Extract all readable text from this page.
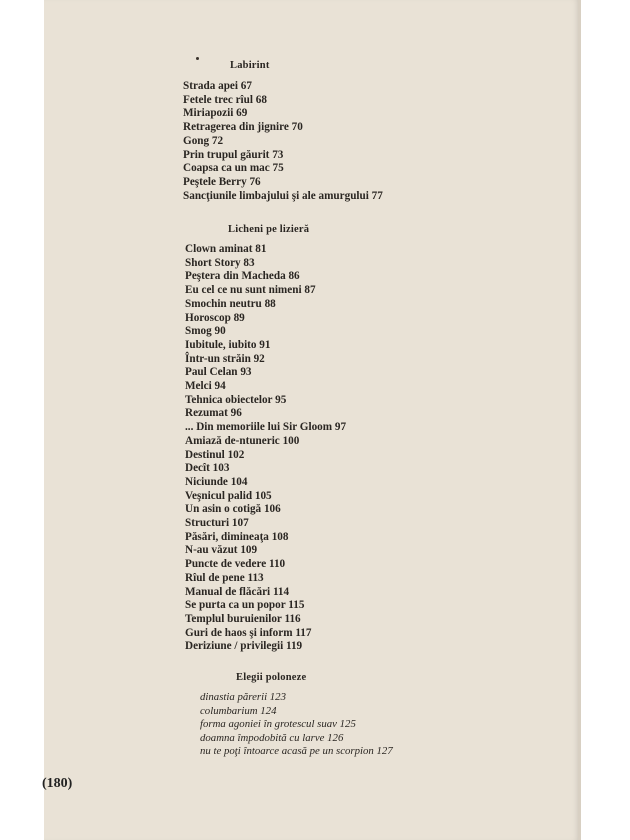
Labirint
Strada apei 67
Fetele trec rîul 68
Miriapozii 69
Retragerea din jignire 70
Gong 72
Prin trupul găurit 73
Coapsa ca un mac 75
Peştele Berry 76
Sancţiunile limbajului şi ale amurgului 77
Licheni pe lizieră
Clown aminat 81
Short Story 83
Peştera din Macheda 86
Eu cel ce nu sunt nimeni 87
Smochin neutru 88
Horoscop 89
Smog 90
Iubitule, iubito 91
Într-un străin 92
Paul Celan 93
Melci 94
Tehnica obiectelor 95
Rezumat 96
... Din memoriile lui Sir Gloom 97
Amiază de-ntuneric 100
Destinul 102
Decît 103
Niciunde 104
Veşnicul palid 105
Un asin o cotigă 106
Structuri 107
Păsări, dimineaţa 108
N-au văzut 109
Puncte de vedere 110
Rîul de pene 113
Manual de flăcări 114
Se purta ca un popor 115
Templul buruienilor 116
Guri de haos şi inform 117
Deriziune / privilegii 119
Elegii poloneze
dinastia părerii 123
columbarium 124
forma agoniei în grotescul suav 125
doamna împodobită cu larve 126
nu te poţi întoarce acasă pe un scorpion 127
(180)
